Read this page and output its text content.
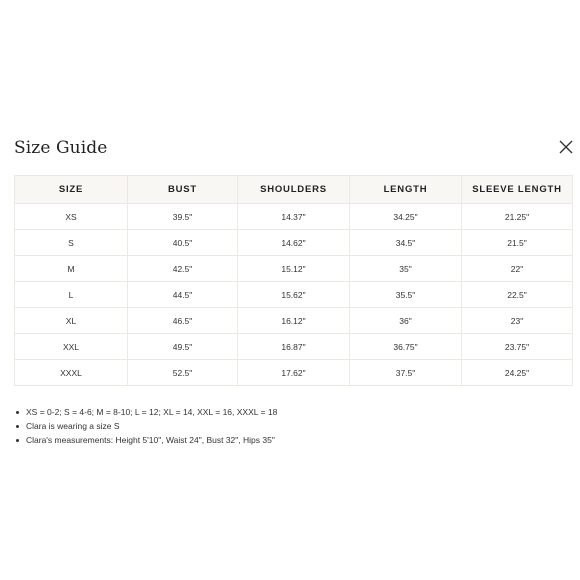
Size Guide
SIZE	BUST	SHOULDERS	LENGTH	SLEEVE LENGTH
XS	39.5"	14.37"	34.25"	21.25"
S	40.5"	14.62"	34.5"	21.5"
M	42.5"	15.12"	35"	22"
L	44.5"	15.62"	35.5"	22.5"
XL	46.5"	16.12"	36"	23"
XXL	49.5"	16.87"	36.75"	23.75"
XXXL	52.5"	17.62"	37.5"	24.25"
XS = 0-2; S = 4-6; M = 8-10; L = 12; XL = 14, XXL = 16, XXXL = 18
Clara is wearing a size S
Clara's measurements: Height 5'10", Waist 24", Bust 32", Hips 35"
